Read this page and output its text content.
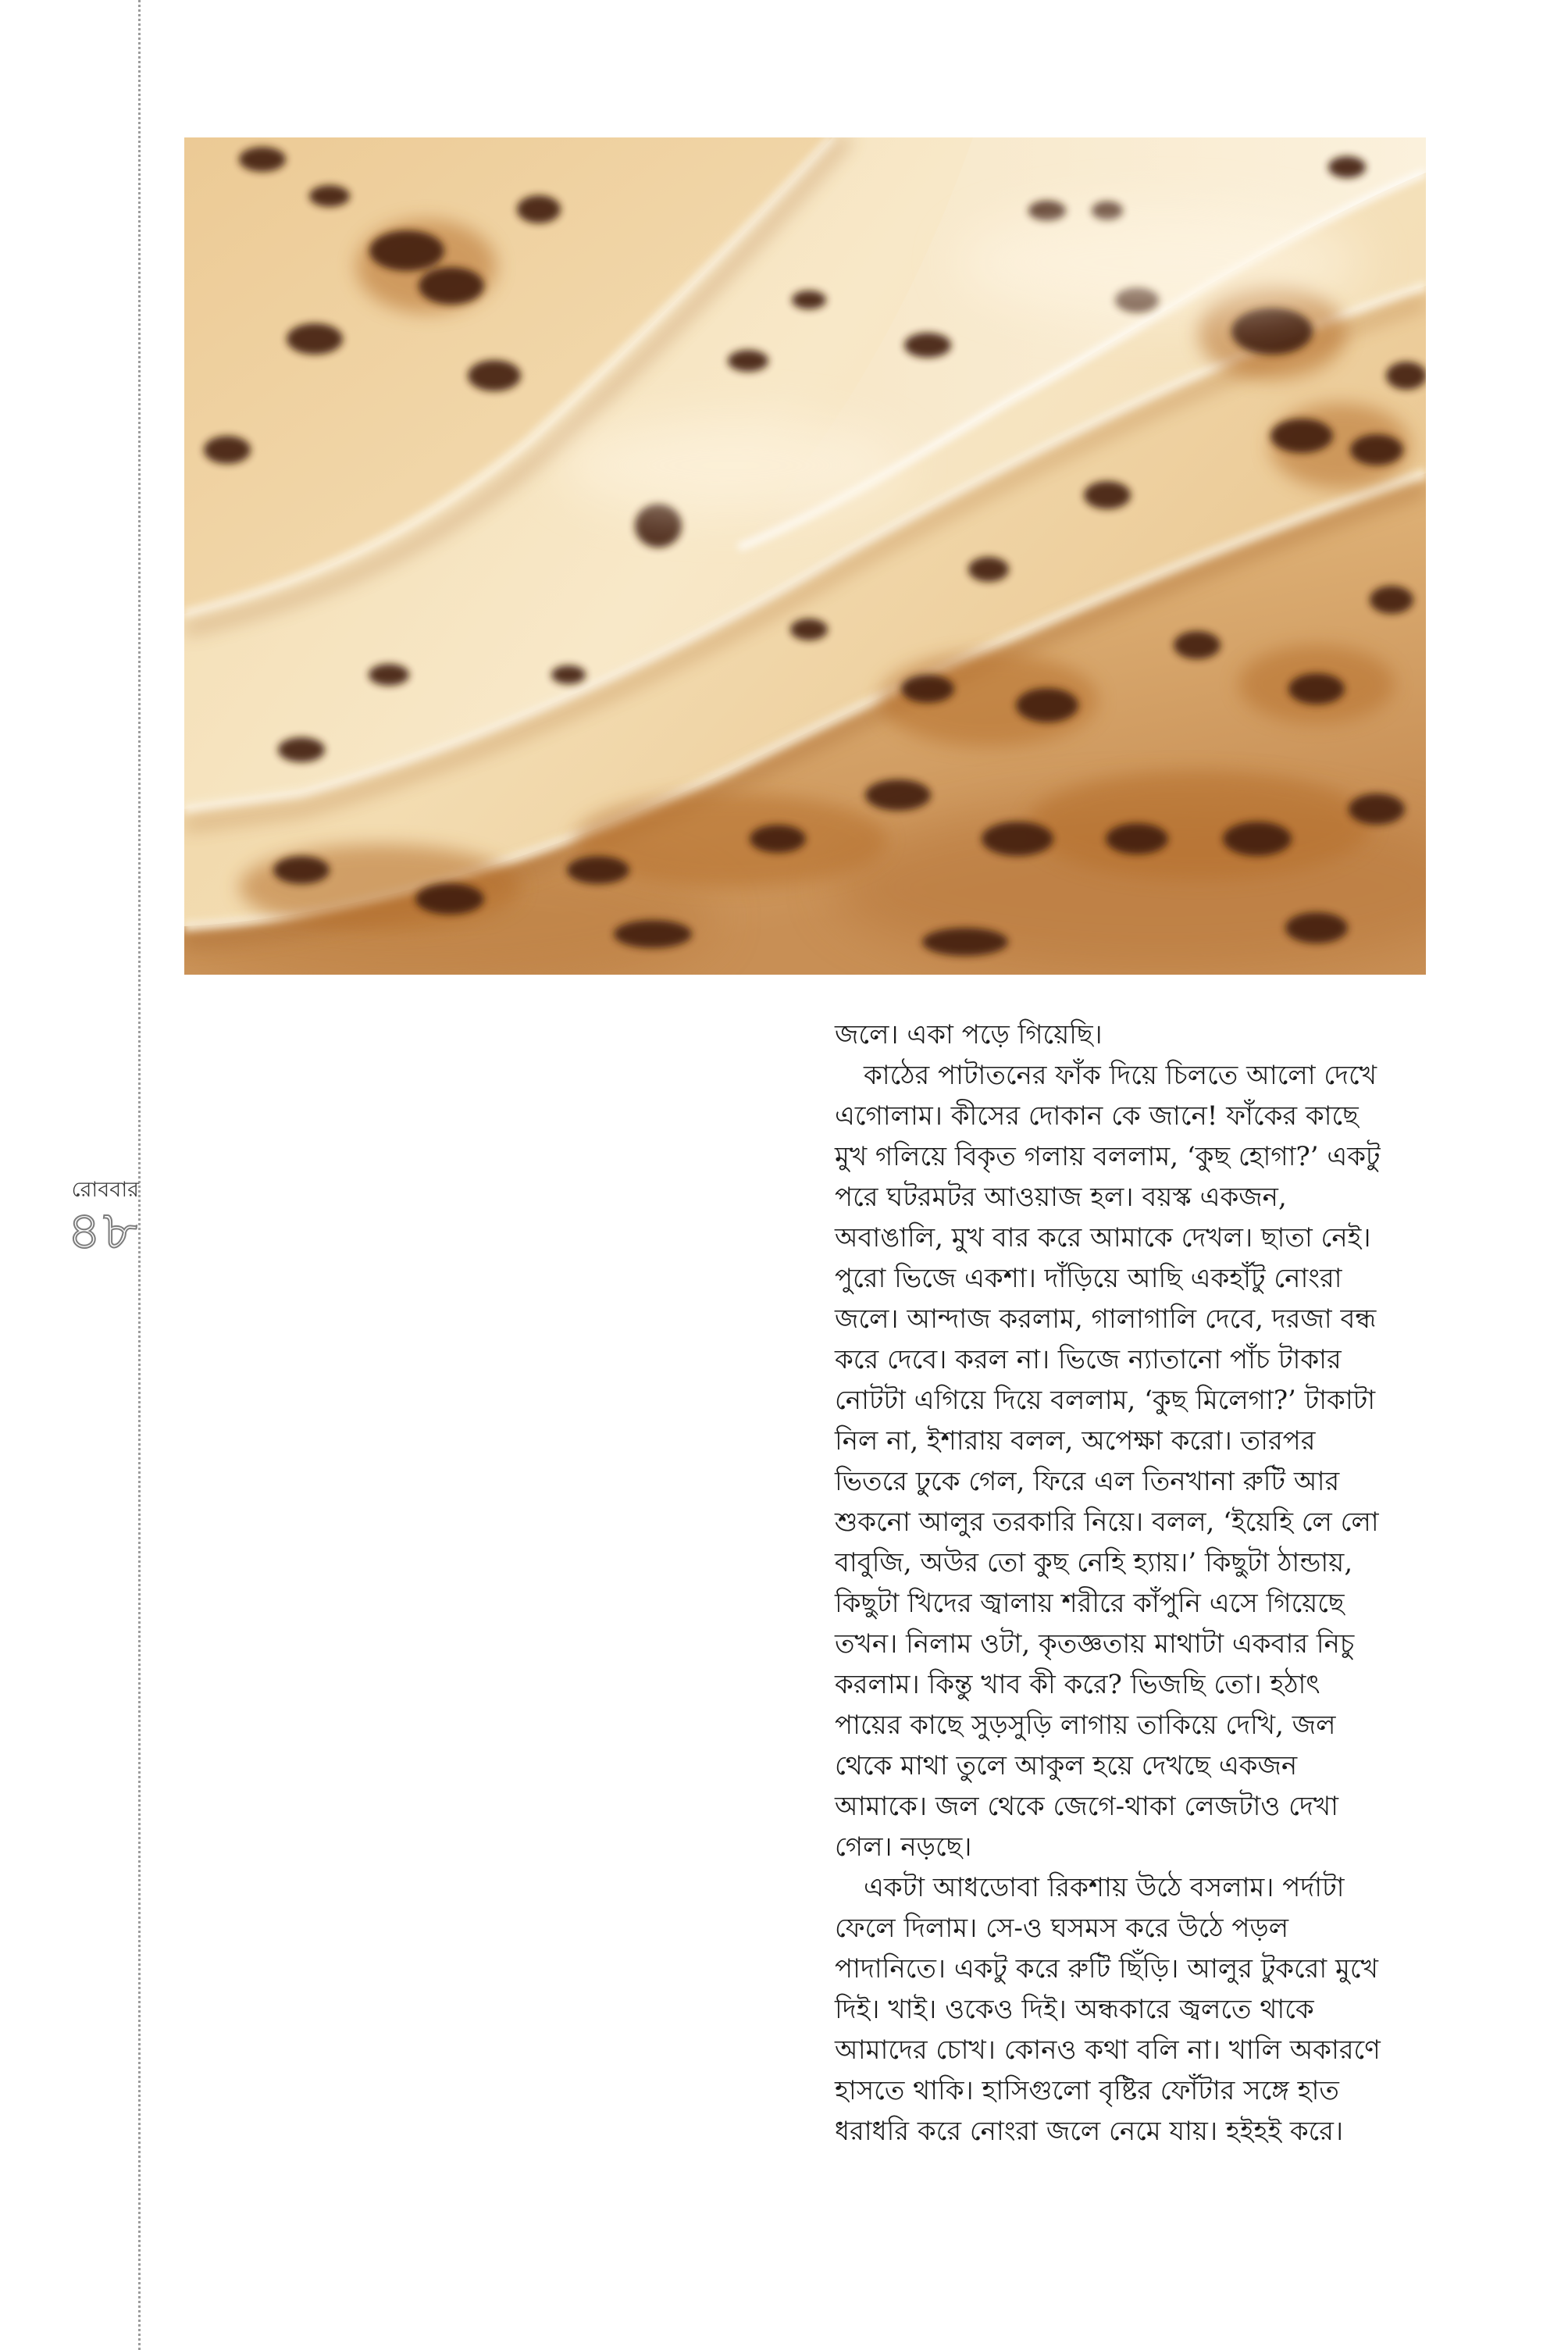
রোববার
৪৮
জলে। একা পড়ে গিয়েছি।
কাঠের পাটাতনের ফাঁক দিয়ে চিলতে আলো দেখে
এগোলাম। কীসের দোকান কে জানে! ফাঁকের কাছে
মুখ গলিয়ে বিকৃত গলায় বললাম, ‘কুছ হোগা?’ একটু
পরে ঘটরমটর আওয়াজ হল। বয়স্ক একজন,
অবাঙালি, মুখ বার করে আমাকে দেখল। ছাতা নেই।
পুরো ভিজে একশা। দাঁড়িয়ে আছি একহাঁটু নোংরা
জলে। আন্দাজ করলাম, গালাগালি দেবে, দরজা বন্ধ
করে দেবে। করল না। ভিজে ন্যাতানো পাঁচ টাকার
নোটটা এগিয়ে দিয়ে বললাম, ‘কুছ মিলেগা?’ টাকাটা
নিল না, ইশারায় বলল, অপেক্ষা করো। তারপর
ভিতরে ঢুকে গেল, ফিরে এল তিনখানা রুটি আর
শুকনো আলুর তরকারি নিয়ে। বলল, ‘ইয়েহি লে লো
বাবুজি, অউর তো কুছ নেহি হ্যায়।’ কিছুটা ঠান্ডায়,
কিছুটা খিদের জ্বালায় শরীরে কাঁপুনি এসে গিয়েছে
তখন। নিলাম ওটা, কৃতজ্ঞতায় মাথাটা একবার নিচু
করলাম। কিন্তু খাব কী করে? ভিজছি তো। হঠাৎ
পায়ের কাছে সুড়সুড়ি লাগায় তাকিয়ে দেখি, জল
থেকে মাথা তুলে আকুল হয়ে দেখছে একজন
আমাকে। জল থেকে জেগে-থাকা লেজটাও দেখা
গেল। নড়ছে।
একটা আধডোবা রিকশায় উঠে বসলাম। পর্দাটা
ফেলে দিলাম। সে-ও ঘসমস করে উঠে পড়ল
পাদানিতে। একটু করে রুটি ছিঁড়ি। আলুর টুকরো মুখে
দিই। খাই। ওকেও দিই। অন্ধকারে জ্বলতে থাকে
আমাদের চোখ। কোনও কথা বলি না। খালি অকারণে
হাসতে থাকি। হাসিগুলো বৃষ্টির ফোঁটার সঙ্গে হাত
ধরাধরি করে নোংরা জলে নেমে যায়। হইহই করে।
